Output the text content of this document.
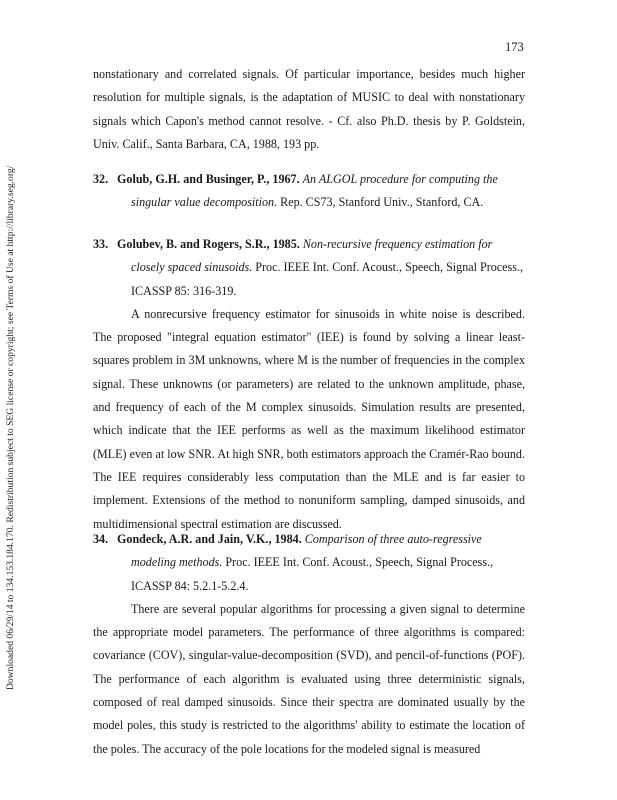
Downloaded 06/29/14 to 134.153.184.170. Redistribution subject to SEG license or copyright; see Terms of Use at http://library.seg.org/
173
nonstationary and correlated signals. Of particular importance, besides much higher resolution for multiple signals, is the adaptation of MUSIC to deal with nonstationary signals which Capon's method cannot resolve. - Cf. also Ph.D. thesis by P. Goldstein, Univ. Calif., Santa Barbara, CA, 1988, 193 pp.
32. Golub, G.H. and Businger, P., 1967. An ALGOL procedure for computing the singular value decomposition. Rep. CS73, Stanford Univ., Stanford, CA.
33. Golubev, B. and Rogers, S.R., 1985. Non-recursive frequency estimation for closely spaced sinusoids. Proc. IEEE Int. Conf. Acoust., Speech, Signal Process., ICASSP 85: 316-319.
A nonrecursive frequency estimator for sinusoids in white noise is described. The proposed "integral equation estimator" (IEE) is found by solving a linear least-squares problem in 3M unknowns, where M is the number of frequencies in the complex signal. These unknowns (or parameters) are related to the unknown amplitude, phase, and frequency of each of the M complex sinusoids. Simulation results are presented, which indicate that the IEE performs as well as the maximum likelihood estimator (MLE) even at low SNR. At high SNR, both estimators approach the Cramér-Rao bound. The IEE requires considerably less computation than the MLE and is far easier to implement. Extensions of the method to nonuniform sampling, damped sinusoids, and multidimensional spectral estimation are discussed.
34. Gondeck, A.R. and Jain, V.K., 1984. Comparison of three auto-regressive modeling methods. Proc. IEEE Int. Conf. Acoust., Speech, Signal Process., ICASSP 84: 5.2.1-5.2.4.
There are several popular algorithms for processing a given signal to determine the appropriate model parameters. The performance of three algorithms is compared: covariance (COV), singular-value-decomposition (SVD), and pencil-of-functions (POF). The performance of each algorithm is evaluated using three deterministic signals, composed of real damped sinusoids. Since their spectra are dominated usually by the model poles, this study is restricted to the algorithms' ability to estimate the location of the poles. The accuracy of the pole locations for the modeled signal is measured
